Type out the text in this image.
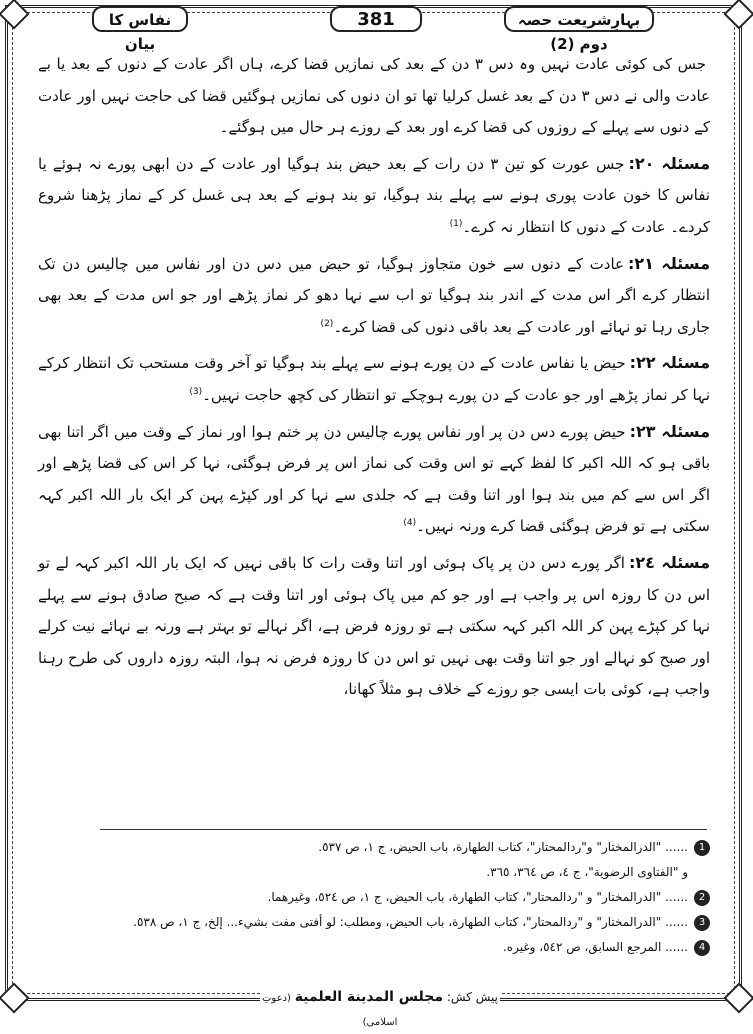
بہارِشریعت حصہ دوم (2)
381
نفاس کا بیان

جس کی کوئی عادت نہیں وہ دس ٣ دن کے بعد کی نمازیں قضا کرے، ہاں اگر عادت کے دنوں کے بعد یا بے عادت والی نے دس ٣ دن کے بعد غسل کرلیا تھا تو ان دنوں کی نمازیں ہوگئیں قضا کی حاجت نہیں اور عادت کے دنوں سے پہلے کے روزوں کی قضا کرے اور بعد کے روزے ہر حال میں ہوگئے۔

مسئلہ ٢٠:جس عورت کو تین ٣ دن رات کے بعد حیض بند ہوگیا اور عادت کے دن ابھی پورے نہ ہوئے یا نفاس کا خون عادت پوری ہونے سے پہلے بند ہوگیا، تو بند ہونے کے بعد ہی غسل کر کے نماز پڑھنا شروع کردے۔ عادت کے دنوں کا انتظار نہ کرے۔$^{(1)}$

مسئلہ ٢١:عادت کے دنوں سے خون متجاوز ہوگیا، تو حیض میں دس دن اور نفاس میں چالیس دن تک انتظار کرے اگر اس مدت کے اندر بند ہوگیا تو اب سے نہا دھو کر نماز پڑھے اور جو اس مدت کے بعد بھی جاری رہا تو نہائے اور عادت کے بعد باقی دنوں کی قضا کرے۔$^{(2)}$

مسئلہ ٢٢:حیض یا نفاس عادت کے دن پورے ہونے سے پہلے بند ہوگیا تو آخر وقت مستحب تک انتظار کرکے نہا کر نماز پڑھے اور جو عادت کے دن پورے ہوچکے تو انتظار کی کچھ حاجت نہیں۔$^{(3)}$

مسئلہ ٢٣:حیض پورے دس دن پر اور نفاس پورے چالیس دن پر ختم ہوا اور نماز کے وقت میں اگر اتنا بھی باقی ہو کہ اللہ اکبر کا لفظ کہے تو اس وقت کی نماز اس پر فرض ہوگئی، نہا کر اس کی قضا پڑھے اور اگر اس سے کم میں بند ہوا اور اتنا وقت ہے کہ جلدی سے نہا کر اور کپڑے پہن کر ایک بار اللہ اکبر کہہ سکتی ہے تو فرض ہوگئی قضا کرے ورنہ نہیں۔$^{(4)}$

مسئلہ ٢٤:اگر پورے دس دن پر پاک ہوئی اور اتنا وقت رات کا باقی نہیں کہ ایک بار اللہ اکبر کہہ لے تو اس دن کا روزہ اس پر واجب ہے اور جو کم میں پاک ہوئی اور اتنا وقت ہے کہ صبح صادق ہونے سے پہلے نہا کر کپڑے پہن کر اللہ اکبر کہہ سکتی ہے تو روزہ فرض ہے، اگر نہالے تو بہتر ہے ورنہ بے نہائے نیت کرلے اور صبح کو نہالے اور جو اتنا وقت بھی نہیں تو اس دن کا روزہ فرض نہ ہوا، البتہ روزہ داروں کی طرح رہنا واجب ہے، کوئی بات ایسی جو روزے کے خلاف ہو مثلاً کھانا،

1...... "الدرالمختار" و"ردالمحتار"، كتاب الطهارة، باب الحيض، ج ١، ص ٥٣٧.
و "الفتاوى الرضوية"، ج ٤، ص ٣٦٤، ٣٦٥.
2...... "الدرالمختار" و "ردالمحتار"، كتاب الطهارة، باب الحيض، ج ١، ص ٥٢٤، وغيرهما.
3...... "الدرالمختار" و "ردالمحتار"، كتاب الطهارة، باب الحيض، ومطلب: لو أفتى مفت بشيء... إلخ، ج ١، ص ٥٣٨.
4...... المرجع السابق، ص ٥٤٢، وغيره.
پیش کش: مجلس المدينة العلمية (دعوتِ اسلامی)
